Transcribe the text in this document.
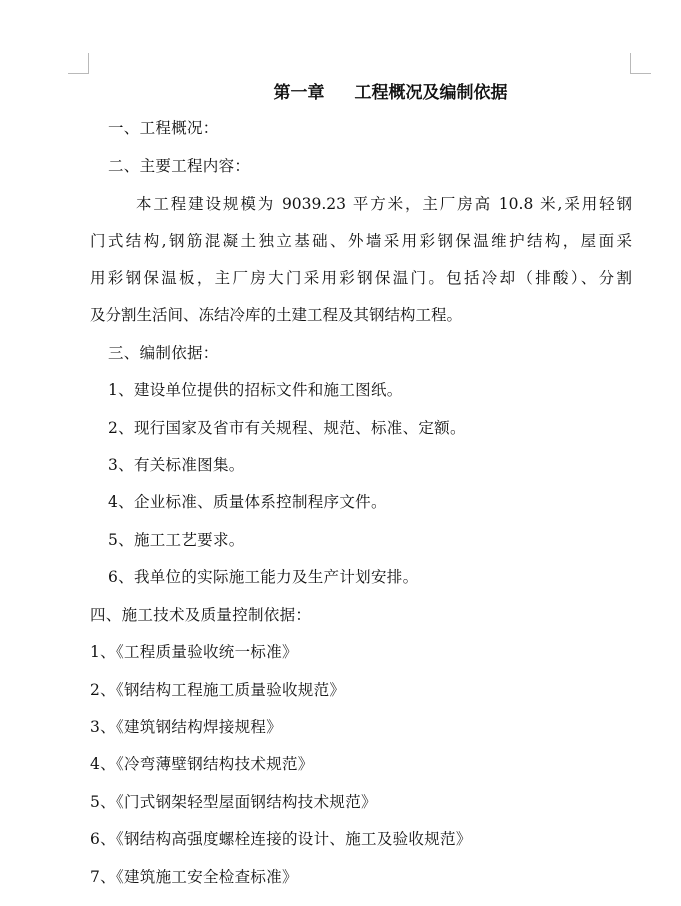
第一章 工程概况及编制依据
一、工程概况：
二、主要工程内容：
本工程建设规模为 9039.23 平方米，主厂房高 10.8 米,采用轻钢
门式结构,钢筋混凝土独立基础、外墙采用彩钢保温维护结构，屋面采
用彩钢保温板，主厂房大门采用彩钢保温门。包括冷却（排酸）、分割
及分割生活间、冻结冷库的土建工程及其钢结构工程。
三、编制依据：
1、建设单位提供的招标文件和施工图纸。
2、现行国家及省市有关规程、规范、标准、定额。
3、有关标准图集。
4、企业标准、质量体系控制程序文件。
5、施工工艺要求。
6、我单位的实际施工能力及生产计划安排。
四、施工技术及质量控制依据：
1、《工程质量验收统一标准》
2、《钢结构工程施工质量验收规范》
3、《建筑钢结构焊接规程》
4、《冷弯薄壁钢结构技术规范》
5、《门式钢架轻型屋面钢结构技术规范》
6、《钢结构高强度螺栓连接的设计、施工及验收规范》
7、《建筑施工安全检查标准》
